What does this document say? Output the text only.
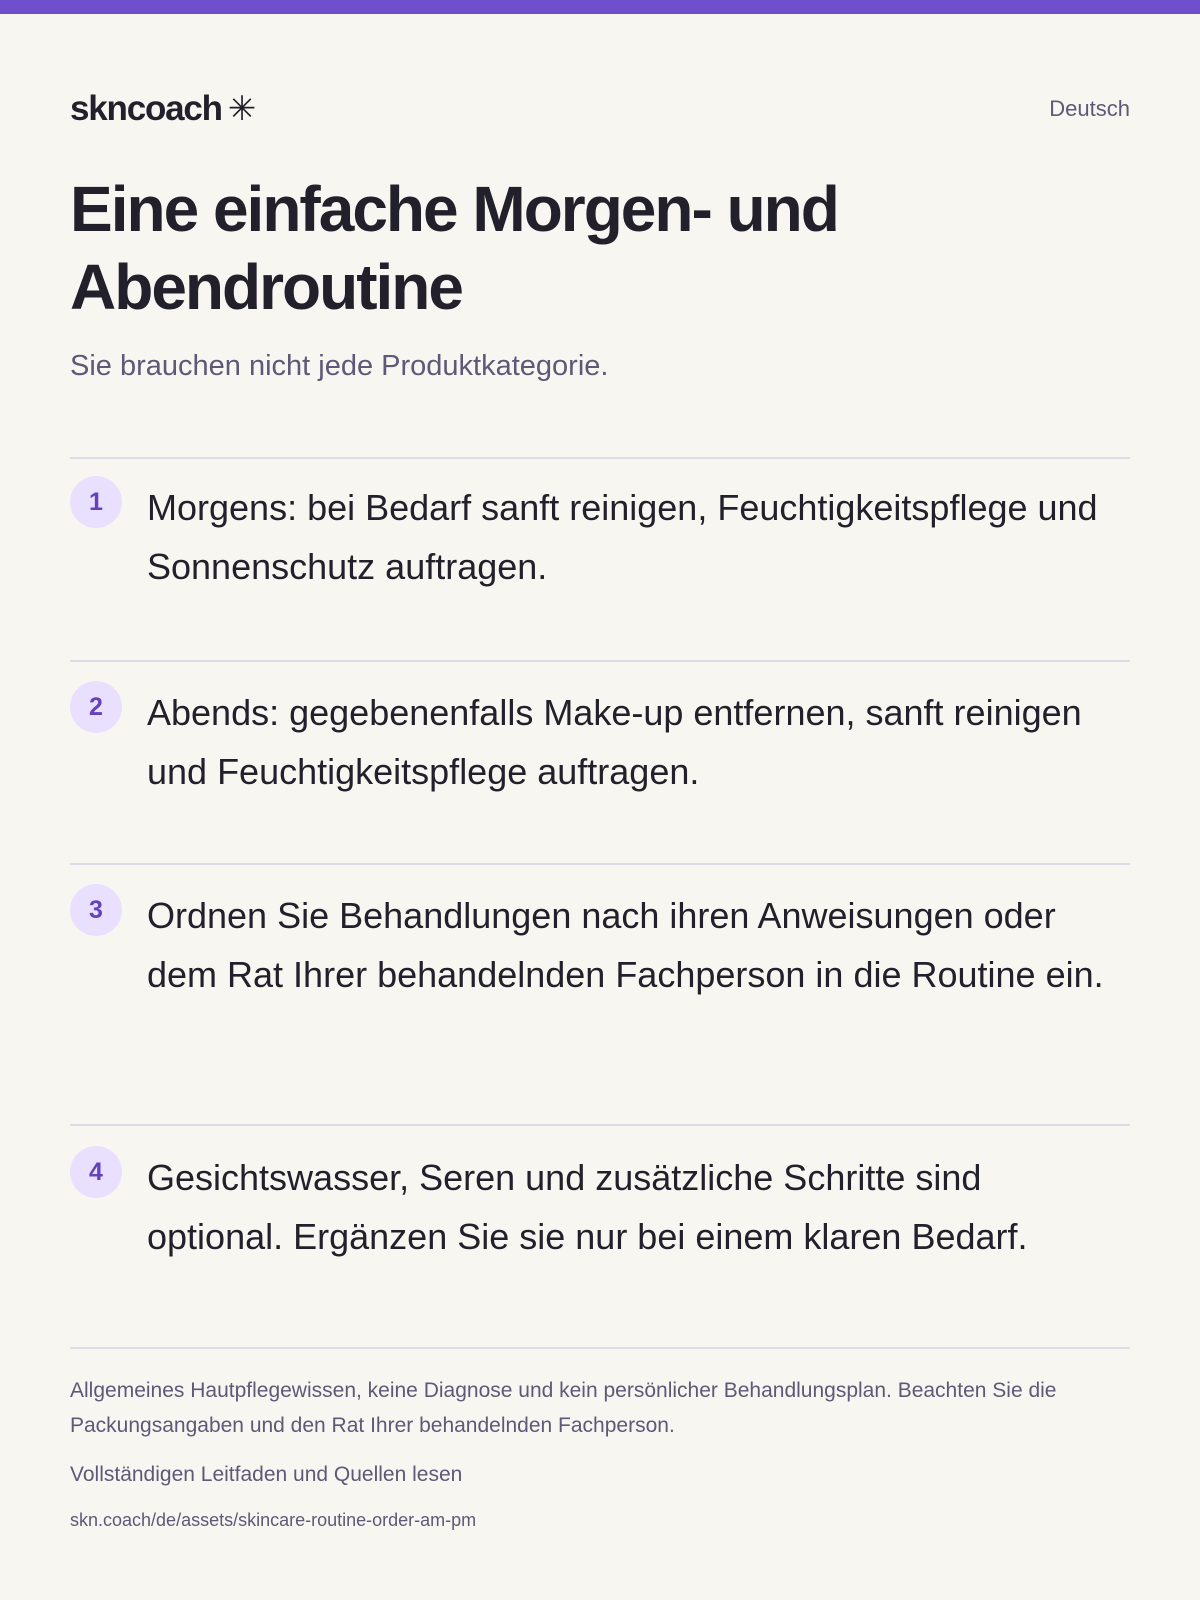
skncoach ✳	Deutsch
Eine einfache Morgen- und Abendroutine

Sie brauchen nicht jede Produktkategorie.

1	Morgens: bei Bedarf sanft reinigen, Feuchtigkeitspflege und Sonnenschutz auftragen.
2	Abends: gegebenenfalls Make-up entfernen, sanft reinigen und Feuchtigkeitspflege auftragen.
3	Ordnen Sie Behandlungen nach ihren Anweisungen oder dem Rat Ihrer behandelnden Fachperson in die Routine ein.
4	Gesichtswasser, Seren und zusätzliche Schritte sind optional. Ergänzen Sie sie nur bei einem klaren Bedarf.

Allgemeines Hautpflegewissen, keine Diagnose und kein persönlicher Behandlungsplan. Beachten Sie die Packungsangaben und den Rat Ihrer behandelnden Fachperson.

Vollständigen Leitfaden und Quellen lesen
skn.coach/de/assets/skincare-routine-order-am-pm
